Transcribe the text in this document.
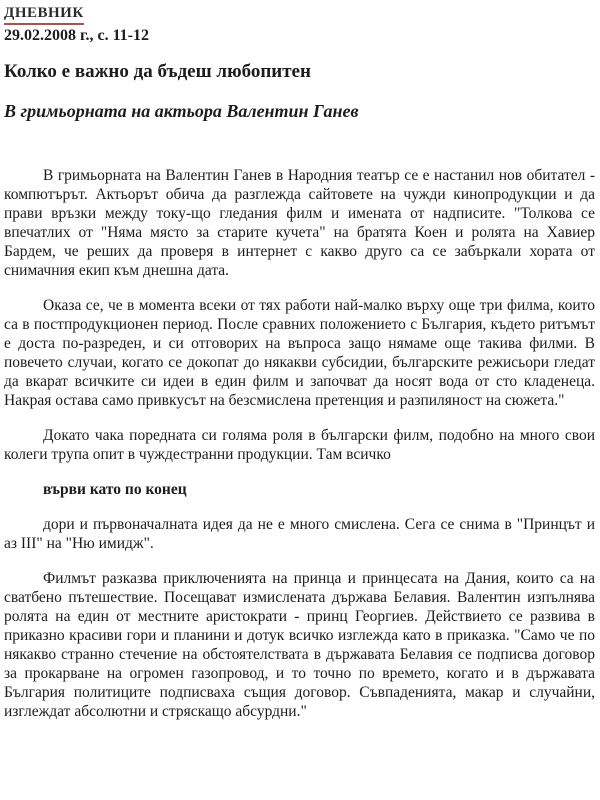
ДНЕВНИК
29.02.2008 г., с. 11-12
Колко е важно да бъдеш любопитен
В гримьорната на актьора Валентин Ганев

В гримьорната на Валентин Ганев в Народния театър се е настанил нов обитател - компютърът. Актьорът обича да разглежда сайтовете на чужди кинопродукции и да прави връзки между току-що гледания филм и имената от надписите. "Толкова се впечатлих от "Няма място за старите кучета" на братята Коен и ролята на Хавиер Бардем, че реших да проверя в интернет с какво друго са се забъркали хората от снимачния екип към днешна дата.

Оказа се, че в момента всеки от тях работи най-малко върху още три филма, които са в постпродукционен период. После сравних положението с България, където ритъмът е доста по-разреден, и си отговорих на въпроса защо нямаме още такива филми. В повечето случаи, когато се докопат до някакви субсидии, българските режисьори гледат да вкарат всичките си идеи в един филм и започват да носят вода от сто кладенеца. Накрая остава само привкусът на безсмислена претенция и разпиляност на сюжета."

Докато чака поредната си голяма роля в български филм, подобно на много свои колеги трупа опит в чуждестранни продукции. Там всичко

върви като по конец

дори и първоначалната идея да не е много смислена. Сега се снима в "Принцът и аз III" на "Ню имидж".

Филмът разказва приключенията на принца и принцесата на Дания, които са на сватбено пътешествие. Посещават измислената държава Белавия. Валентин изпълнява ролята на един от местните аристократи - принц Георгиев. Действието се развива в приказно красиви гори и планини и дотук всичко изглежда като в приказка. "Само че по някакво странно стечение на обстоятелствата в държавата Белавия се подписва договор за прокарване на огромен газопровод, и то точно по времето, когато и в държавата България политиците подписваха същия договор. Съвпаденията, макар и случайни, изглеждат абсолютни и стряскащо абсурдни."
